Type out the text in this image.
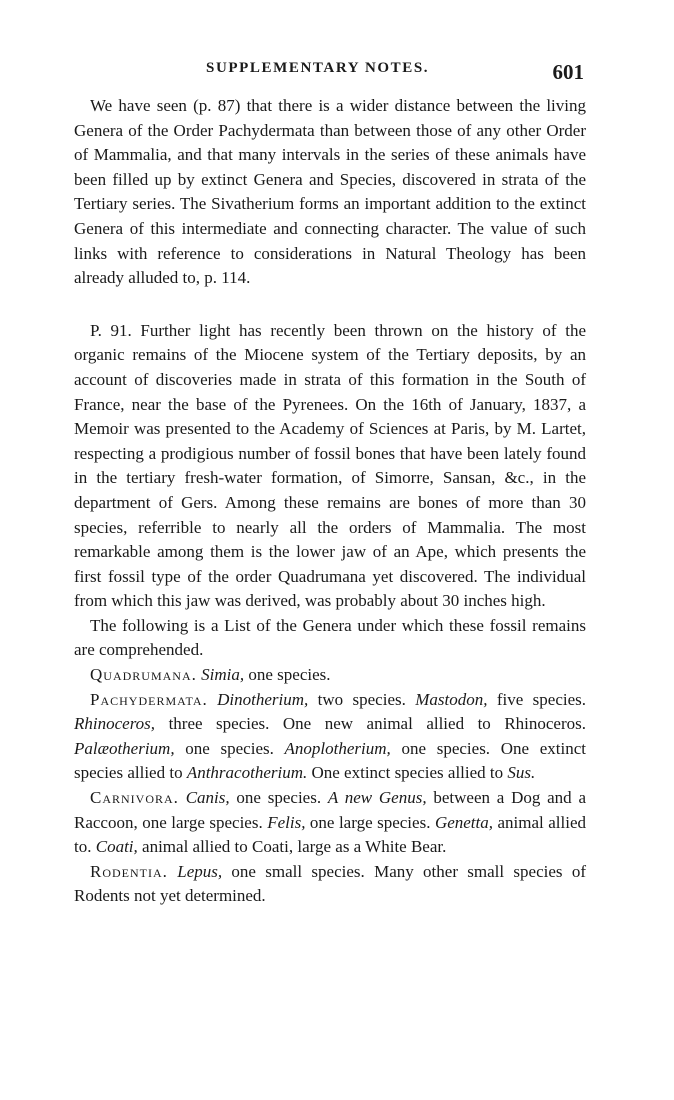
SUPPLEMENTARY NOTES.	601

We have seen (p. 87) that there is a wider distance between the living Genera of the Order Pachydermata than between those of any other Order of Mammalia, and that many intervals in the series of these animals have been filled up by extinct Genera and Species, discovered in strata of the Tertiary series. The Sivatherium forms an important addition to the extinct Genera of this intermediate and connecting character. The value of such links with reference to considerations in Natural Theology has been already alluded to, p. 114.

P. 91. Further light has recently been thrown on the history of the organic remains of the Miocene system of the Tertiary deposits, by an account of discoveries made in strata of this formation in the South of France, near the base of the Pyrenees. On the 16th of January, 1837, a Memoir was presented to the Academy of Sciences at Paris, by M. Lartet, respecting a prodigious number of fossil bones that have been lately found in the tertiary fresh-water formation, of Simorre, Sansan, &c., in the department of Gers. Among these remains are bones of more than 30 species, referrible to nearly all the orders of Mammalia. The most remarkable among them is the lower jaw of an Ape, which presents the first fossil type of the order Quadrumana yet discovered. The individual from which this jaw was derived, was probably about 30 inches high.

The following is a List of the Genera under which these fossil remains are comprehended.

Quadrumana. Simia, one species.

Pachydermata. Dinotherium, two species. Mastodon, five species. Rhinoceros, three species. One new animal allied to Rhinoceros. Palæotherium, one species. Anoplotherium, one species. One extinct species allied to Anthracotherium. One extinct species allied to Sus.

Carnivora. Canis, one species. A new Genus, between a Dog and a Raccoon, one large species. Felis, one large species. Genetta, animal allied to. Coati, animal allied to Coati, large as a White Bear.

Rodentia. Lepus, one small species. Many other small species of Rodents not yet determined.
